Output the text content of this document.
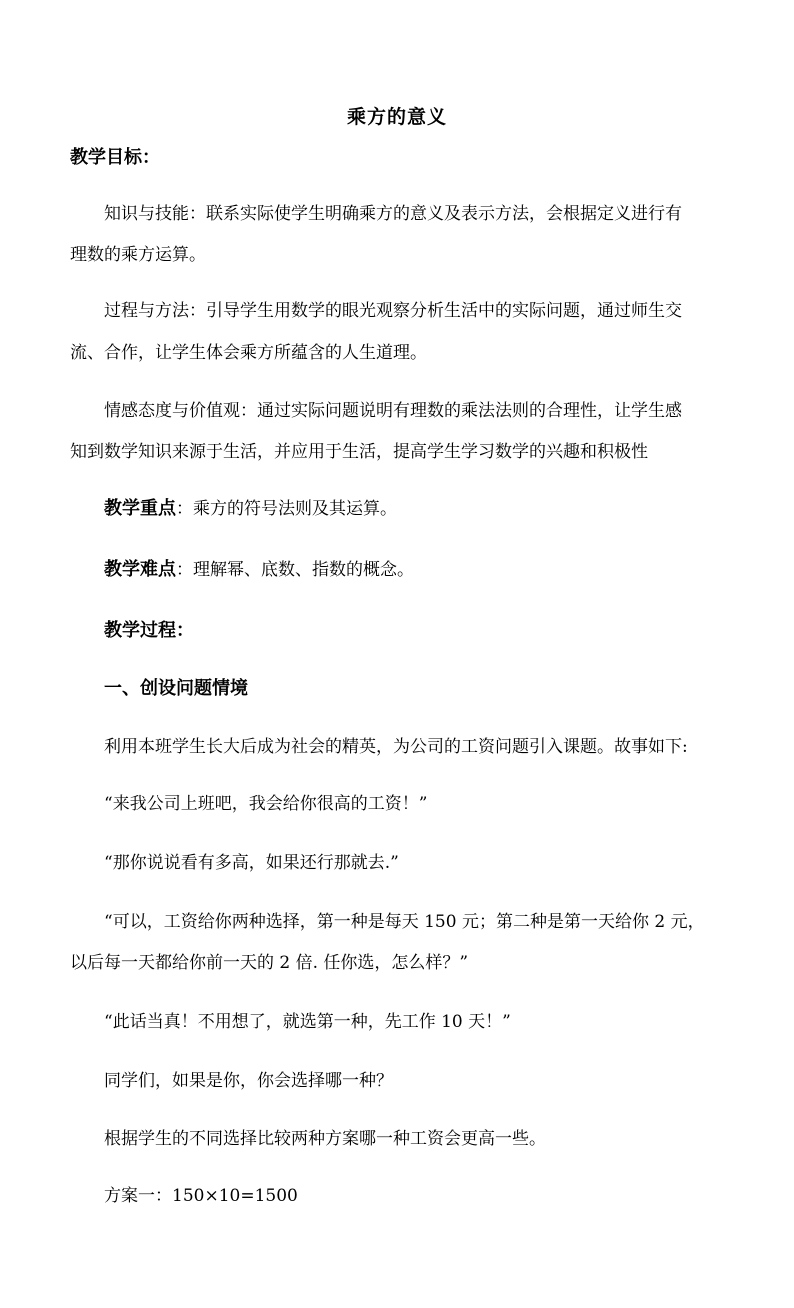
乘方的意义
教学目标：
知识与技能：联系实际使学生明确乘方的意义及表示方法，会根据定义进行有
理数的乘方运算。
过程与方法：引导学生用数学的眼光观察分析生活中的实际问题，通过师生交
流、合作，让学生体会乘方所蕴含的人生道理。
情感态度与价值观：通过实际问题说明有理数的乘法法则的合理性，让学生感
知到数学知识来源于生活，并应用于生活，提高学生学习数学的兴趣和积极性
教学重点：乘方的符号法则及其运算。
教学难点：理解幂、底数、指数的概念。
教学过程：
一、创设问题情境
利用本班学生长大后成为社会的精英，为公司的工资问题引入课题。故事如下:
“来我公司上班吧，我会给你很高的工资！”
“那你说说看有多高，如果还行那就去.”
“可以，工资给你两种选择，第一种是每天 150 元；第二种是第一天给你 2 元，
以后每一天都给你前一天的 2 倍. 任你选，怎么样？”
“此话当真！不用想了，就选第一种，先工作 10 天！”
同学们，如果是你，你会选择哪一种？
根据学生的不同选择比较两种方案哪一种工资会更高一些。
方案一：150×10=1500
